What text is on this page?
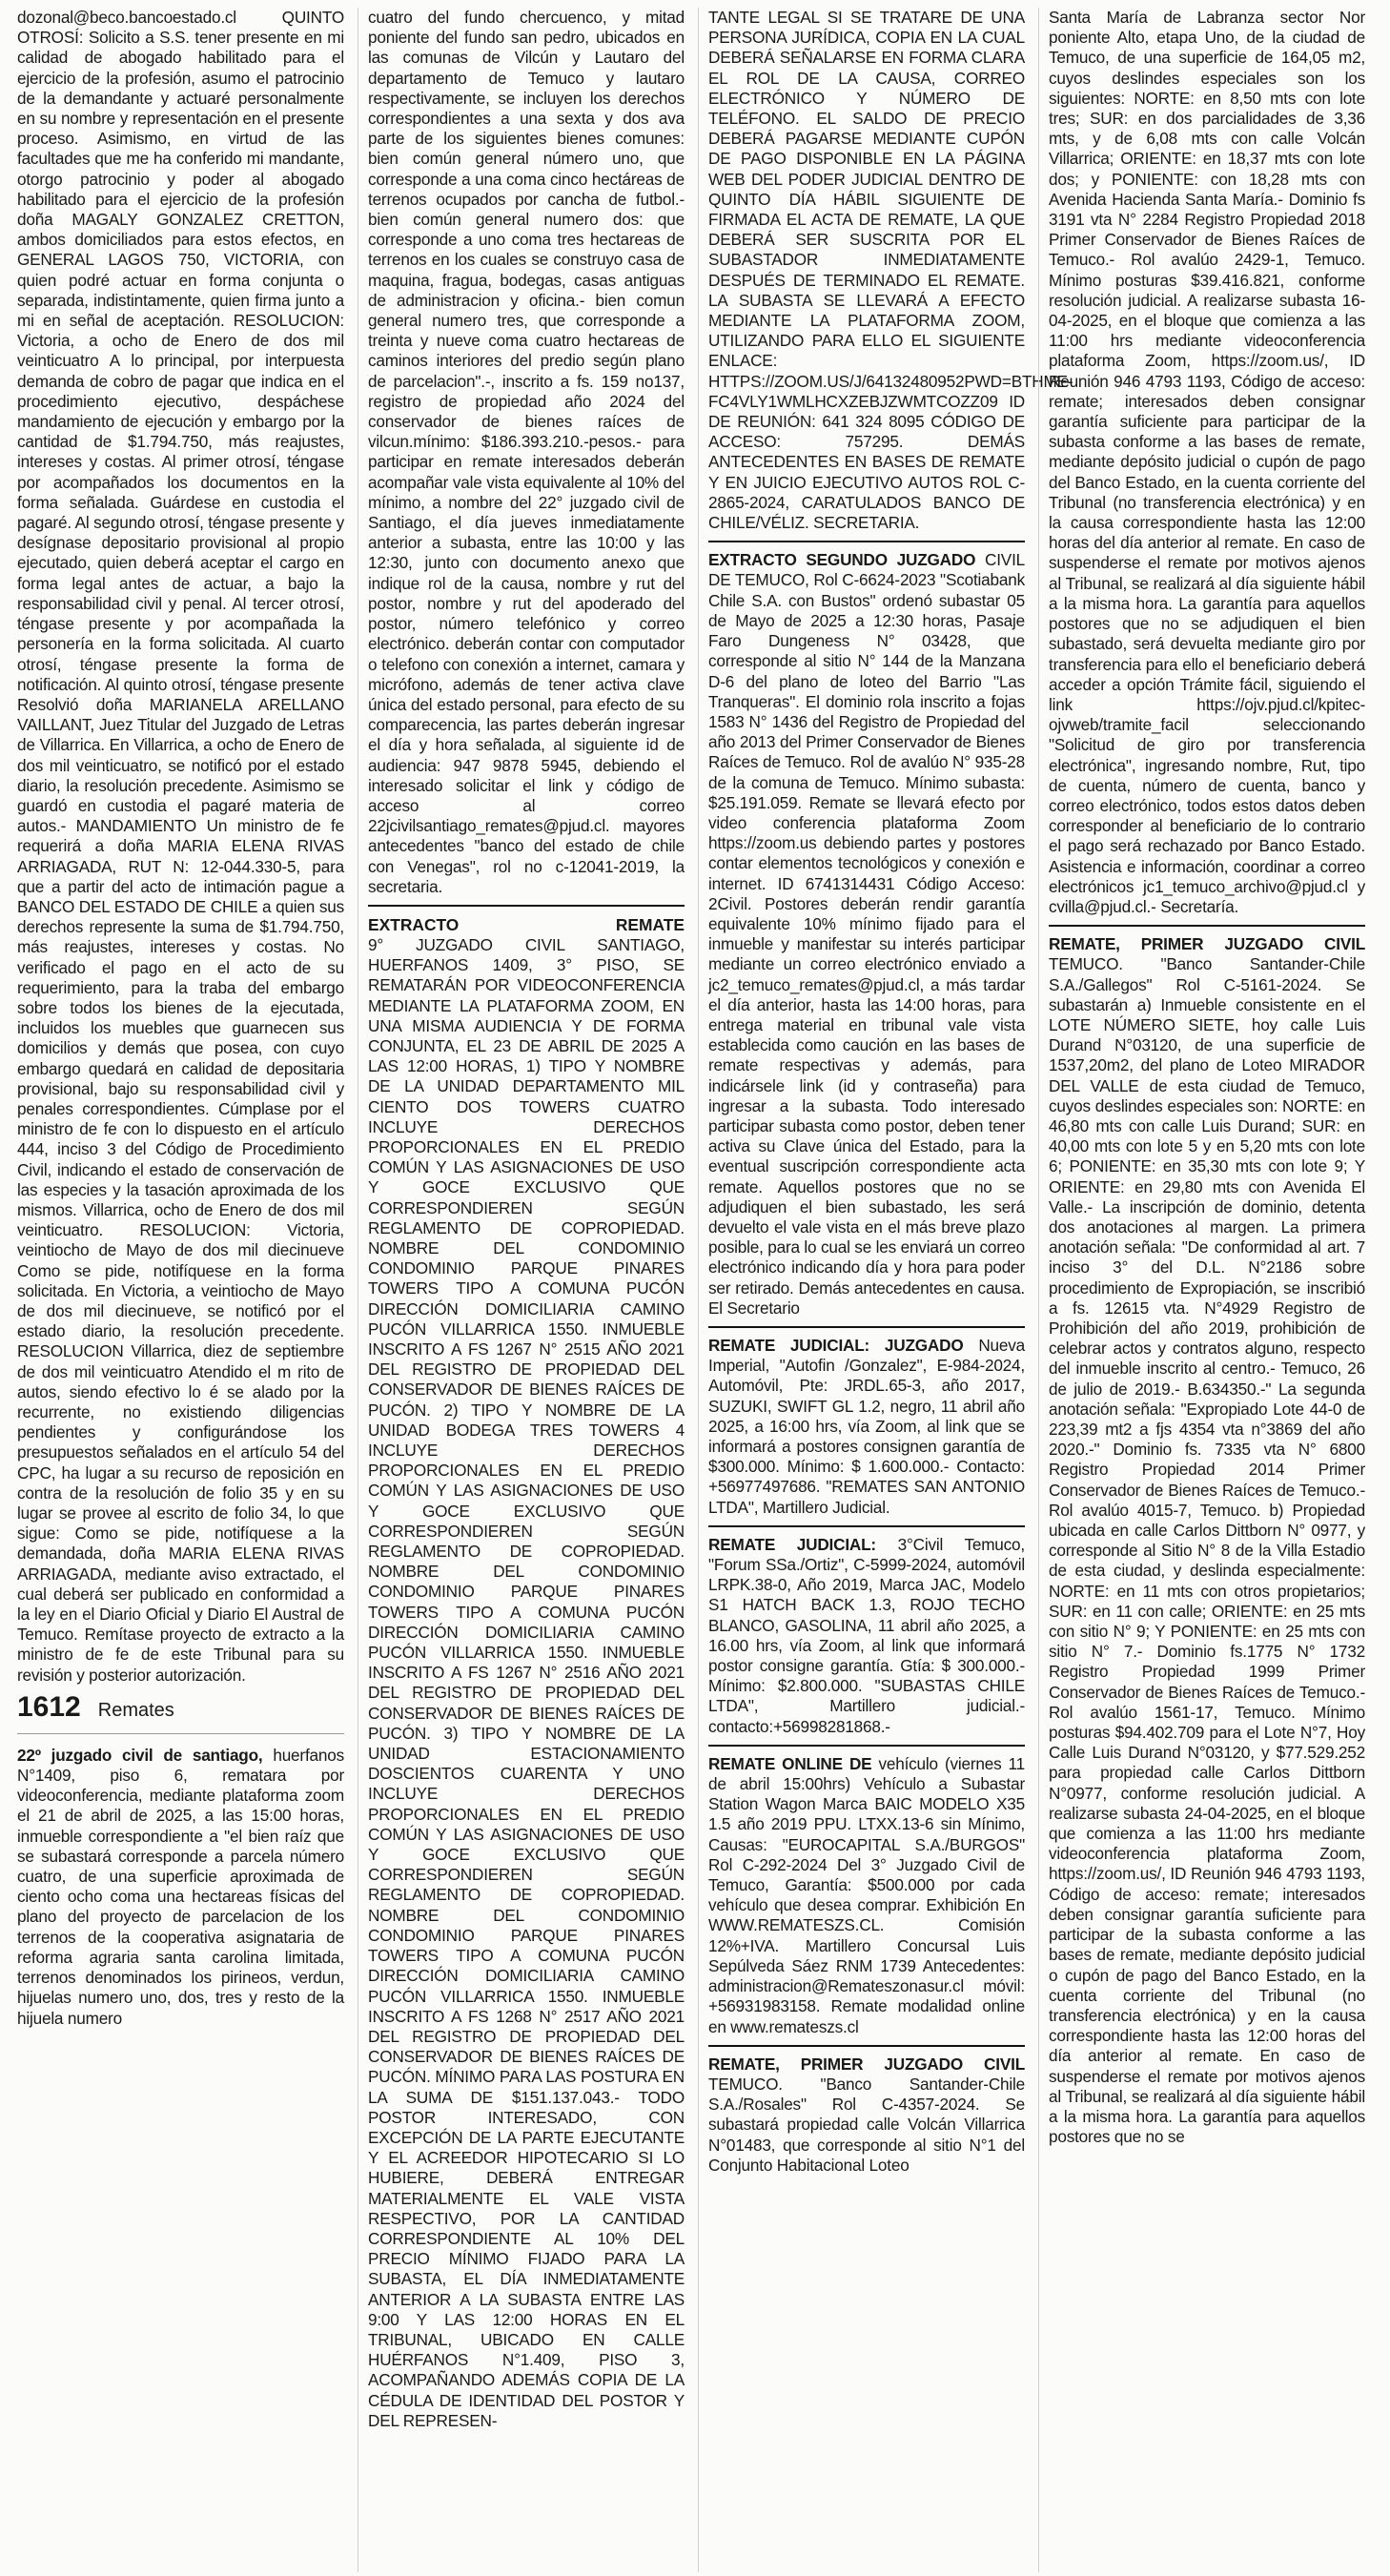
dozonal@beco.bancoestado.cl QUINTO OTROSÍ: Solicito a S.S. tener presente en mi calidad de abogado habilitado para el ejercicio de la profesión, asumo el patrocinio de la demandante y actuaré personalmente en su nombre y representación en el presente proceso. Asimismo, en virtud de las facultades que me ha conferido mi mandante, otorgo patrocinio y poder al abogado habilitado para el ejercicio de la profesión doña MAGALY GONZALEZ CRETTON, ambos domiciliados para estos efectos, en GENERAL LAGOS 750, VICTORIA, con quien podré actuar en forma conjunta o separada, indistintamente, quien firma junto a mi en señal de aceptación. RESOLUCION: Victoria, a ocho de Enero de dos mil veinticuatro A lo principal, por interpuesta demanda de cobro de pagar que indica en el procedimiento ejecutivo, despáchese mandamiento de ejecución y embargo por la cantidad de $1.794.750, más reajustes, intereses y costas. Al primer otrosí, téngase por acompañados los documentos en la forma señalada. Guárdese en custodia el pagaré. Al segundo otrosí, téngase presente y desígnase depositario provisional al propio ejecutado, quien deberá aceptar el cargo en forma legal antes de actuar, a bajo la responsabilidad civil y penal. Al tercer otrosí, téngase presente y por acompañada la personería en la forma solicitada. Al cuarto otrosí, téngase presente la forma de notificación. Al quinto otrosí, téngase presente Resolvió doña MARIANELA ARELLANO VAILLANT, Juez Titular del Juzgado de Letras de Villarrica. En Villarrica, a ocho de Enero de dos mil veinticuatro, se notificó por el estado diario, la resolución precedente. Asimismo se guardó en custodia el pagaré materia de autos.- MANDAMIENTO Un ministro de fe requerirá a doña MARIA ELENA RIVAS ARRIAGADA, RUT N: 12-044.330-5, para que a partir del acto de intimación pague a BANCO DEL ESTADO DE CHILE a quien sus derechos represente la suma de $1.794.750, más reajustes, intereses y costas. No verificado el pago en el acto de su requerimiento, para la traba del embargo sobre todos los bienes de la ejecutada, incluidos los muebles que guarnecen sus domicilios y demás que posea, con cuyo embargo quedará en calidad de depositaria provisional, bajo su responsabilidad civil y penales correspondientes. Cúmplase por el ministro de fe con lo dispuesto en el artículo 444, inciso 3 del Código de Procedimiento Civil, indicando el estado de conservación de las especies y la tasación aproximada de los mismos. Villarrica, ocho de Enero de dos mil veinticuatro. RESOLUCION: Victoria, veintiocho de Mayo de dos mil diecinueve Como se pide, notifíquese en la forma solicitada. En Victoria, a veintiocho de Mayo de dos mil diecinueve, se notificó por el estado diario, la resolución precedente. RESOLUCION Villarrica, diez de septiembre de dos mil veinticuatro Atendido el m rito de autos, siendo efectivo lo é se alado por la recurrente, no existiendo diligencias pendientes y configurándose los presupuestos señalados en el artículo 54 del CPC, ha lugar a su recurso de reposición en contra de la resolución de folio 35 y en su lugar se provee al escrito de folio 34, lo que sigue: Como se pide, notifíquese a la demandada, doña MARIA ELENA RIVAS ARRIAGADA, mediante aviso extractado, el cual deberá ser publicado en conformidad a la ley en el Diario Oficial y Diario El Austral de Temuco. Remítase proyecto de extracto a la ministro de fe de este Tribunal para su revisión y posterior autorización.

1612 Remates

22º juzgado civil de santiago, huerfanos N°1409, piso 6, rematara por videoconferencia, mediante plataforma zoom el 21 de abril de 2025, a las 15:00 horas, inmueble correspondiente a "el bien raíz que se subastará corresponde a parcela número cuatro, de una superficie aproximada de ciento ocho coma una hectareas físicas del plano del proyecto de parcelacion de los terrenos de la cooperativa asignataria de reforma agraria santa carolina limitada, terrenos denominados los pirineos, verdun, hijuelas numero uno, dos, tres y resto de la hijuela numero

cuatro del fundo chercuenco, y mitad poniente del fundo san pedro, ubicados en las comunas de Vilcún y Lautaro del departamento de Temuco y lautaro respectivamente, se incluyen los derechos correspondientes a una sexta y dos ava parte de los siguientes bienes comunes: bien común general número uno, que corresponde a una coma cinco hectáreas de terrenos ocupados por cancha de futbol.- bien común general numero dos: que corresponde a uno coma tres hectareas de terrenos en los cuales se construyo casa de maquina, fragua, bodegas, casas antiguas de administracion y oficina.- bien comun general numero tres, que corresponde a treinta y nueve coma cuatro hectareas de caminos interiores del predio según plano de parcelacion".-, inscrito a fs. 159 no137, registro de propiedad año 2024 del conservador de bienes raíces de vilcun.mínimo: $186.393.210.-pesos.- para participar en remate interesados deberán acompañar vale vista equivalente al 10% del mínimo, a nombre del 22° juzgado civil de Santiago, el día jueves inmediatamente anterior a subasta, entre las 10:00 y las 12:30, junto con documento anexo que indique rol de la causa, nombre y rut del postor, nombre y rut del apoderado del postor, número telefónico y correo electrónico. deberán contar con computador o telefono con conexión a internet, camara y micrófono, además de tener activa clave única del estado personal, para efecto de su comparecencia, las partes deberán ingresar el día y hora señalada, al siguiente id de audiencia: 947 9878 5945, debiendo el interesado solicitar el link y código de acceso al correo 22jcivilsantiago_remates@pjud.cl. mayores antecedentes "banco del estado de chile con Venegas", rol no c-12041-2019, la secretaria.

EXTRACTO	REMATE

9° JUZGADO CIVIL SANTIAGO, HUERFANOS 1409, 3° PISO, SE REMATARÁN POR VIDEOCONFERENCIA MEDIANTE LA PLATAFORMA ZOOM, EN UNA MISMA AUDIENCIA Y DE FORMA CONJUNTA, EL 23 DE ABRIL DE 2025 A LAS 12:00 HORAS, 1) TIPO Y NOMBRE DE LA UNIDAD DEPARTAMENTO MIL CIENTO DOS TOWERS CUATRO INCLUYE DERECHOS PROPORCIONALES EN EL PREDIO COMÚN Y LAS ASIGNACIONES DE USO Y GOCE EXCLUSIVO QUE CORRESPONDIEREN SEGÚN REGLAMENTO DE COPROPIEDAD. NOMBRE DEL CONDOMINIO CONDOMINIO PARQUE PINARES TOWERS TIPO A COMUNA PUCÓN DIRECCIÓN DOMICILIARIA CAMINO PUCÓN VILLARRICA 1550. INMUEBLE INSCRITO A FS 1267 N° 2515 AÑO 2021 DEL REGISTRO DE PROPIEDAD DEL CONSERVADOR DE BIENES RAÍCES DE PUCÓN. 2) TIPO Y NOMBRE DE LA UNIDAD BODEGA TRES TOWERS 4 INCLUYE DERECHOS PROPORCIONALES EN EL PREDIO COMÚN Y LAS ASIGNACIONES DE USO Y GOCE EXCLUSIVO QUE CORRESPONDIEREN SEGÚN REGLAMENTO DE COPROPIEDAD. NOMBRE DEL CONDOMINIO CONDOMINIO PARQUE PINARES TOWERS TIPO A COMUNA PUCÓN DIRECCIÓN DOMICILIARIA CAMINO PUCÓN VILLARRICA 1550. INMUEBLE INSCRITO A FS 1267 N° 2516 AÑO 2021 DEL REGISTRO DE PROPIEDAD DEL CONSERVADOR DE BIENES RAÍCES DE PUCÓN. 3) TIPO Y NOMBRE DE LA UNIDAD ESTACIONAMIENTO DOSCIENTOS CUARENTA Y UNO INCLUYE DERECHOS PROPORCIONALES EN EL PREDIO COMÚN Y LAS ASIGNACIONES DE USO Y GOCE EXCLUSIVO QUE CORRESPONDIEREN SEGÚN REGLAMENTO DE COPROPIEDAD. NOMBRE DEL CONDOMINIO CONDOMINIO PARQUE PINARES TOWERS TIPO A COMUNA PUCÓN DIRECCIÓN DOMICILIARIA CAMINO PUCÓN VILLARRICA 1550. INMUEBLE INSCRITO A FS 1268 N° 2517 AÑO 2021 DEL REGISTRO DE PROPIEDAD DEL CONSERVADOR DE BIENES RAÍCES DE PUCÓN. MÍNIMO PARA LAS POSTURA EN LA SUMA DE $151.137.043.- TODO POSTOR INTERESADO, CON EXCEPCIÓN DE LA PARTE EJECUTANTE Y EL ACREEDOR HIPOTECARIO SI LO HUBIERE, DEBERÁ ENTREGAR MATERIALMENTE EL VALE VISTA RESPECTIVO, POR LA CANTIDAD CORRESPONDIENTE AL 10% DEL PRECIO MÍNIMO FIJADO PARA LA SUBASTA, EL DÍA INMEDIATAMENTE ANTERIOR A LA SUBASTA ENTRE LAS 9:00 Y LAS 12:00 HORAS EN EL TRIBUNAL, UBICADO EN CALLE HUÉRFANOS N°1.409, PISO 3, ACOMPAÑANDO ADEMÁS COPIA DE LA CÉDULA DE IDENTIDAD DEL POSTOR Y DEL REPRESEN-

TANTE LEGAL SI SE TRATARE DE UNA PERSONA JURÍDICA, COPIA EN LA CUAL DEBERÁ SEÑALARSE EN FORMA CLARA EL ROL DE LA CAUSA, CORREO ELECTRÓNICO Y NÚMERO DE TELÉFONO. EL SALDO DE PRECIO DEBERÁ PAGARSE MEDIANTE CUPÓN DE PAGO DISPONIBLE EN LA PÁGINA WEB DEL PODER JUDICIAL DENTRO DE QUINTO DÍA HÁBIL SIGUIENTE DE FIRMADA EL ACTA DE REMATE, LA QUE DEBERÁ SER SUSCRITA POR EL SUBASTADOR INMEDIATAMENTE DESPUÉS DE TERMINADO EL REMATE. LA SUBASTA SE LLEVARÁ A EFECTO MEDIANTE LA PLATAFORMA ZOOM, UTILIZANDO PARA ELLO EL SIGUIENTE ENLACE: HTTPS://ZOOM.US/J/64132480952PWD=BTHME-FC4VLY1WMLHCXZEBJZWMTCOZZ09 ID DE REUNIÓN: 641 324 8095 CÓDIGO DE ACCESO: 757295. DEMÁS ANTECEDENTES EN BASES DE REMATE Y EN JUICIO EJECUTIVO AUTOS ROL C-2865-2024, CARATULADOS BANCO DE CHILE/VÉLIZ. SECRETARIA.

EXTRACTO SEGUNDO JUZGADO CIVIL DE TEMUCO, Rol C-6624-2023 "Scotiabank Chile S.A. con Bustos" ordenó subastar 05 de Mayo de 2025 a 12:30 horas, Pasaje Faro Dungeness N° 03428, que corresponde al sitio N° 144 de la Manzana D-6 del plano de loteo del Barrio "Las Tranqueras". El dominio rola inscrito a fojas 1583 N° 1436 del Registro de Propiedad del año 2013 del Primer Conservador de Bienes Raíces de Temuco. Rol de avalúo N° 935-28 de la comuna de Temuco. Mínimo subasta: $25.191.059. Remate se llevará efecto por video conferencia plataforma Zoom https://zoom.us debiendo partes y postores contar elementos tecnológicos y conexión e internet. ID 6741314431 Código Acceso: 2Civil. Postores deberán rendir garantía equivalente 10% mínimo fijado para el inmueble y manifestar su interés participar mediante un correo electrónico enviado a jc2_temuco_remates@pjud.cl, a más tardar el día anterior, hasta las 14:00 horas, para entrega material en tribunal vale vista establecida como caución en las bases de remate respectivas y además, para indicársele link (id y contraseña) para ingresar a la subasta. Todo interesado participar subasta como postor, deben tener activa su Clave única del Estado, para la eventual suscripción correspondiente acta remate. Aquellos postores que no se adjudiquen el bien subastado, les será devuelto el vale vista en el más breve plazo posible, para lo cual se les enviará un correo electrónico indicando día y hora para poder ser retirado. Demás antecedentes en causa. El Secretario

REMATE JUDICIAL: JUZGADO Nueva Imperial, "Autofin /Gonzalez", E-984-2024, Automóvil, Pte: JRDL.65-3, año 2017, SUZUKI, SWIFT GL 1.2, negro, 11 abril año 2025, a 16:00 hrs, vía Zoom, al link que se informará a postores consignen garantía de $300.000. Mínimo: $ 1.600.000.- Contacto: +56977497686. "REMATES SAN ANTONIO LTDA", Martillero Judicial.

REMATE JUDICIAL: 3°Civil Temuco, "Forum SSa./Ortiz", C-5999-2024, automóvil LRPK.38-0, Año 2019, Marca JAC, Modelo S1 HATCH BACK 1.3, ROJO TECHO BLANCO, GASOLINA, 11 abril año 2025, a 16.00 hrs, vía Zoom, al link que informará postor consigne garantía. Gtía: $ 300.000.- Mínimo: $2.800.000. "SUBASTAS CHILE LTDA", Martillero judicial.- contacto:+56998281868.-

REMATE ONLINE DE vehículo (viernes 11 de abril 15:00hrs) Vehículo a Subastar Station Wagon Marca BAIC MODELO X35 1.5 año 2019 PPU. LTXX.13-6 sin Mínimo, Causas: "EUROCAPITAL S.A./BURGOS" Rol C-292-2024 Del 3° Juzgado Civil de Temuco, Garantía: $500.000 por cada vehículo que desea comprar. Exhibición En WWW.REMATESZS.CL. Comisión 12%+IVA. Martillero Concursal Luis Sepúlveda Sáez RNM 1739 Antecedentes: administracion@Remateszonasur.cl móvil: +56931983158. Remate modalidad online en www.remateszs.cl

REMATE, PRIMER JUZGADO CIVIL TEMUCO. "Banco Santander-Chile S.A./Rosales" Rol C-4357-2024. Se subastará propiedad calle Volcán Villarrica N°01483, que corresponde al sitio N°1 del Conjunto Habitacional Loteo

Santa María de Labranza sector Nor poniente Alto, etapa Uno, de la ciudad de Temuco, de una superficie de 164,05 m2, cuyos deslindes especiales son los siguientes: NORTE: en 8,50 mts con lote tres; SUR: en dos parcialidades de 3,36 mts, y de 6,08 mts con calle Volcán Villarrica; ORIENTE: en 18,37 mts con lote dos; y PONIENTE: con 18,28 mts con Avenida Hacienda Santa María.- Dominio fs 3191 vta N° 2284 Registro Propiedad 2018 Primer Conservador de Bienes Raíces de Temuco.- Rol avalúo 2429-1, Temuco. Mínimo posturas $39.416.821, conforme resolución judicial. A realizarse subasta 16-04-2025, en el bloque que comienza a las 11:00 hrs mediante videoconferencia plataforma Zoom, https://zoom.us/, ID Reunión 946 4793 1193, Código de acceso: remate; interesados deben consignar garantía suficiente para participar de la subasta conforme a las bases de remate, mediante depósito judicial o cupón de pago del Banco Estado, en la cuenta corriente del Tribunal (no transferencia electrónica) y en la causa correspondiente hasta las 12:00 horas del día anterior al remate. En caso de suspenderse el remate por motivos ajenos al Tribunal, se realizará al día siguiente hábil a la misma hora. La garantía para aquellos postores que no se adjudiquen el bien subastado, será devuelta mediante giro por transferencia para ello el beneficiario deberá acceder a opción Trámite fácil, siguiendo el link https://ojv.pjud.cl/kpitec-ojvweb/tramite_facil seleccionando "Solicitud de giro por transferencia electrónica", ingresando nombre, Rut, tipo de cuenta, número de cuenta, banco y correo electrónico, todos estos datos deben corresponder al beneficiario de lo contrario el pago será rechazado por Banco Estado. Asistencia e información, coordinar a correo electrónicos jc1_temuco_archivo@pjud.cl y cvilla@pjud.cl.- Secretaría.

REMATE, PRIMER JUZGADO CIVIL TEMUCO. "Banco Santander-Chile S.A./Gallegos" Rol C-5161-2024. Se subastarán a) Inmueble consistente en el LOTE NÚMERO SIETE, hoy calle Luis Durand N°03120, de una superficie de 1537,20m2, del plano de Loteo MIRADOR DEL VALLE de esta ciudad de Temuco, cuyos deslindes especiales son: NORTE: en 46,80 mts con calle Luis Durand; SUR: en 40,00 mts con lote 5 y en 5,20 mts con lote 6; PONIENTE: en 35,30 mts con lote 9; Y ORIENTE: en 29,80 mts con Avenida El Valle.- La inscripción de dominio, detenta dos anotaciones al margen. La primera anotación señala: "De conformidad al art. 7 inciso 3° del D.L. N°2186 sobre procedimiento de Expropiación, se inscribió a fs. 12615 vta. N°4929 Registro de Prohibición del año 2019, prohibición de celebrar actos y contratos alguno, respecto del inmueble inscrito al centro.- Temuco, 26 de julio de 2019.- B.634350.-" La segunda anotación señala: "Expropiado Lote 44-0 de 223,39 mt2 a fjs 4354 vta n°3869 del año 2020.-" Dominio fs. 7335 vta N° 6800 Registro Propiedad 2014 Primer Conservador de Bienes Raíces de Temuco.- Rol avalúo 4015-7, Temuco. b) Propiedad ubicada en calle Carlos Dittborn N° 0977, y corresponde al Sitio N° 8 de la Villa Estadio de esta ciudad, y deslinda especialmente: NORTE: en 11 mts con otros propietarios; SUR: en 11 con calle; ORIENTE: en 25 mts con sitio N° 9; Y PONIENTE: en 25 mts con sitio N° 7.- Dominio fs.1775 N° 1732 Registro Propiedad 1999 Primer Conservador de Bienes Raíces de Temuco.- Rol avalúo 1561-17, Temuco. Mínimo posturas $94.402.709 para el Lote N°7, Hoy Calle Luis Durand N°03120, y $77.529.252 para propiedad calle Carlos Dittborn N°0977, conforme resolución judicial. A realizarse subasta 24-04-2025, en el bloque que comienza a las 11:00 hrs mediante videoconferencia plataforma Zoom, https://zoom.us/, ID Reunión 946 4793 1193, Código de acceso: remate; interesados deben consignar garantía suficiente para participar de la subasta conforme a las bases de remate, mediante depósito judicial o cupón de pago del Banco Estado, en la cuenta corriente del Tribunal (no transferencia electrónica) y en la causa correspondiente hasta las 12:00 horas del día anterior al remate. En caso de suspenderse el remate por motivos ajenos al Tribunal, se realizará al día siguiente hábil a la misma hora. La garantía para aquellos postores que no se
